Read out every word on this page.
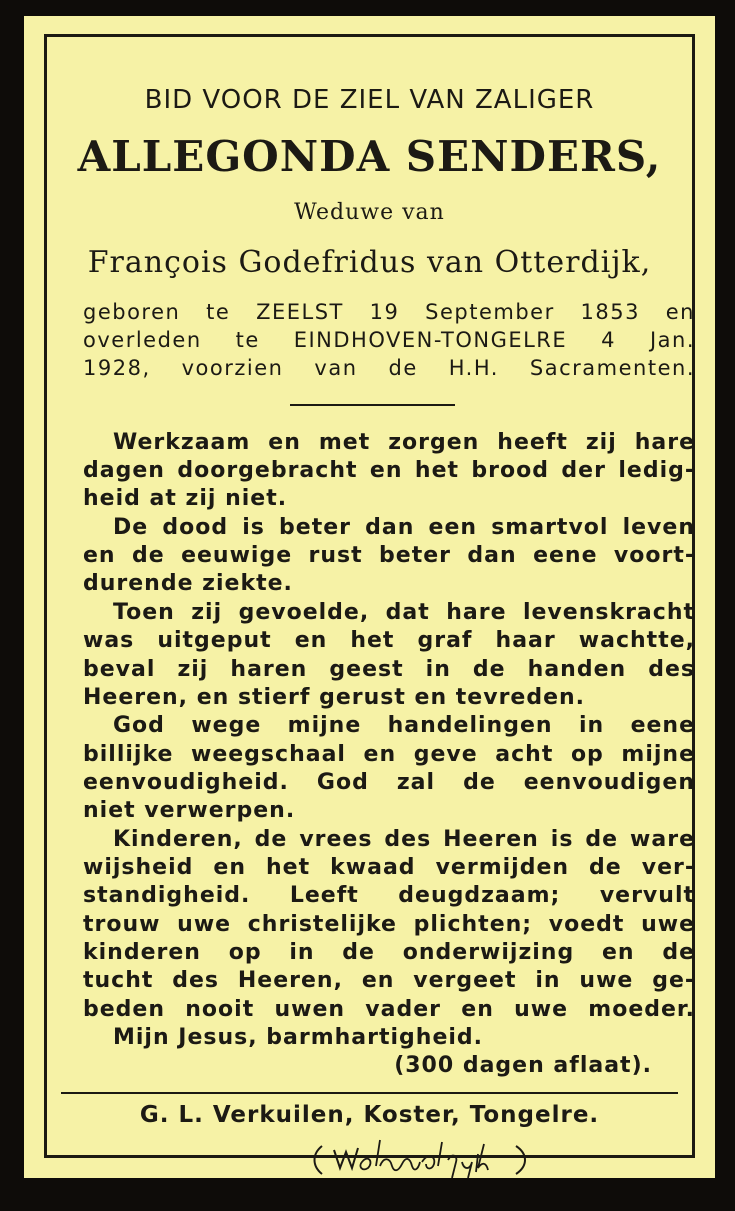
BID VOOR DE ZIEL VAN ZALIGER
ALLEGONDA SENDERS,
Weduwe van
François Godefridus van Otterdijk,
geboren te ZEELST 19 September 1853 en
overleden te EINDHOVEN-TONGELRE 4 Jan.
1928, voorzien van de H.H. Sacramenten.
Werkzaam en met zorgen heeft zij hare
dagen doorgebracht en het brood der ledig-
heid at zij niet.
De dood is beter dan een smartvol leven
en de eeuwige rust beter dan eene voort-
durende ziekte.
Toen zij gevoelde, dat hare levenskracht
was uitgeput en het graf haar wachtte,
beval zij haren geest in de handen des
Heeren, en stierf gerust en tevreden.
God wege mijne handelingen in eene
billijke weegschaal en geve acht op mijne
eenvoudigheid. God zal de eenvoudigen
niet verwerpen.
Kinderen, de vrees des Heeren is de ware
wijsheid en het kwaad vermijden de ver-
standigheid. Leeft deugdzaam; vervult
trouw uwe christelijke plichten; voedt uwe
kinderen op in de onderwijzing en de
tucht des Heeren, en vergeet in uwe ge-
beden nooit uwen vader en uwe moeder.
Mijn Jesus, barmhartigheid.
(300 dagen aflaat).
G. L. Verkuilen, Koster, Tongelre.
